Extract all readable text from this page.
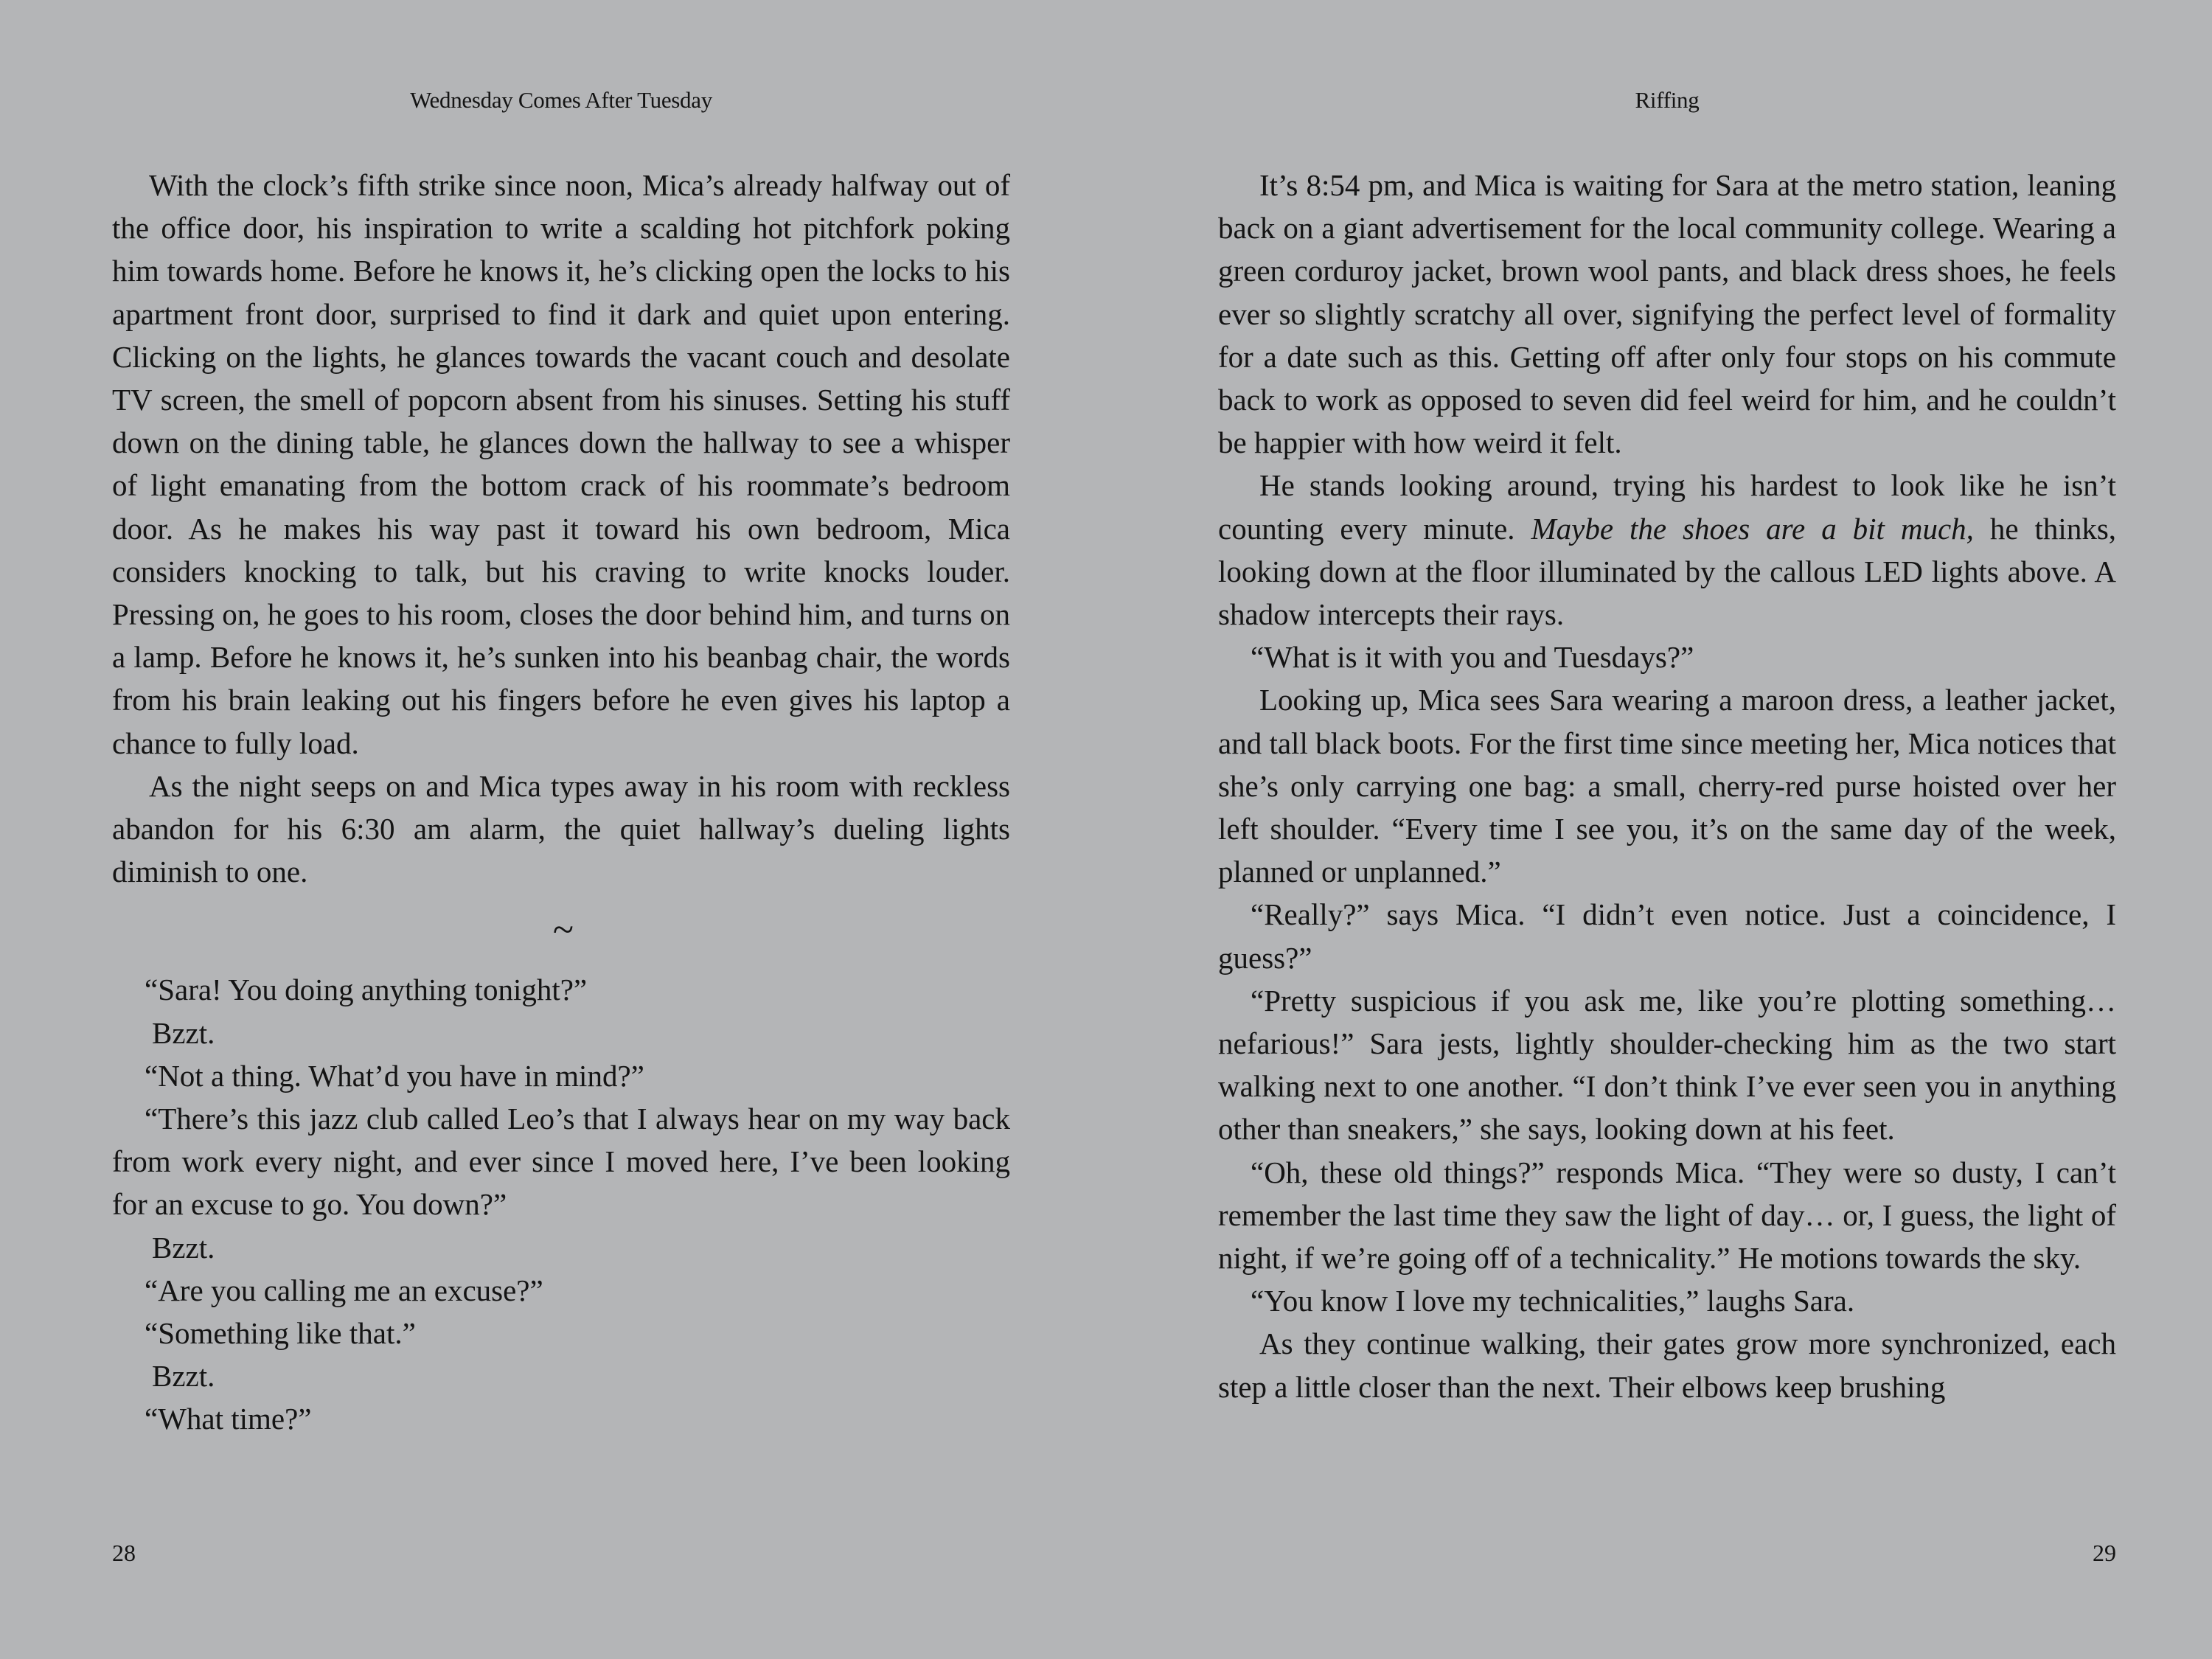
Wednesday Comes After Tuesday

With the clock’s fifth strike since noon, Mica’s already halfway out of the office door, his inspiration to write a scalding hot pitchfork poking him towards home. Before he knows it, he’s clicking open the locks to his apartment front door, surprised to find it dark and quiet upon entering. Clicking on the lights, he glances towards the vacant couch and desolate TV screen, the smell of popcorn absent from his sinuses. Setting his stuff down on the dining table, he glances down the hallway to see a whisper of light emanating from the bottom crack of his roommate’s bedroom door. As he makes his way past it toward his own bedroom, Mica considers knocking to talk, but his craving to write knocks louder. Pressing on, he goes to his room, closes the door behind him, and turns on a lamp. Before he knows it, he’s sunken into his beanbag chair, the words from his brain leaking out his fingers before he even gives his laptop a chance to fully load.

As the night seeps on and Mica types away in his room with reckless abandon for his 6:30 am alarm, the quiet hallway’s dueling lights diminish to one.

~

“Sara! You doing anything tonight?”

Bzzt.

“Not a thing. What’d you have in mind?”

“There’s this jazz club called Leo’s that I always hear on my way back from work every night, and ever since I moved here, I’ve been looking for an excuse to go. You down?”

Bzzt.

“Are you calling me an excuse?”

“Something like that.”

Bzzt.

“What time?”

28
Riffing

It’s 8:54 pm, and Mica is waiting for Sara at the metro station, leaning back on a giant advertisement for the local community college. Wearing a green corduroy jacket, brown wool pants, and black dress shoes, he feels ever so slightly scratchy all over, signifying the perfect level of formality for a date such as this. Getting off after only four stops on his commute back to work as opposed to seven did feel weird for him, and he couldn’t be happier with how weird it felt.

He stands looking around, trying his hardest to look like he isn’t counting every minute. Maybe the shoes are a bit much, he thinks, looking down at the floor illuminated by the callous LED lights above. A shadow intercepts their rays.

“What is it with you and Tuesdays?”

Looking up, Mica sees Sara wearing a maroon dress, a leather jacket, and tall black boots. For the first time since meeting her, Mica notices that she’s only carrying one bag: a small, cherry-red purse hoisted over her left shoulder. “Every time I see you, it’s on the same day of the week, planned or unplanned.”

“Really?” says Mica. “I didn’t even notice. Just a coincidence, I guess?”

“Pretty suspicious if you ask me, like you’re plotting something… nefarious!” Sara jests, lightly shoulder-checking him as the two start walking next to one another. “I don’t think I’ve ever seen you in anything other than sneakers,” she says, looking down at his feet.

“Oh, these old things?” responds Mica. “They were so dusty, I can’t remember the last time they saw the light of day… or, I guess, the light of night, if we’re going off of a technicality.” He motions towards the sky.

“You know I love my technicalities,” laughs Sara.

As they continue walking, their gates grow more synchronized, each step a little closer than the next. Their elbows keep brushing

29
